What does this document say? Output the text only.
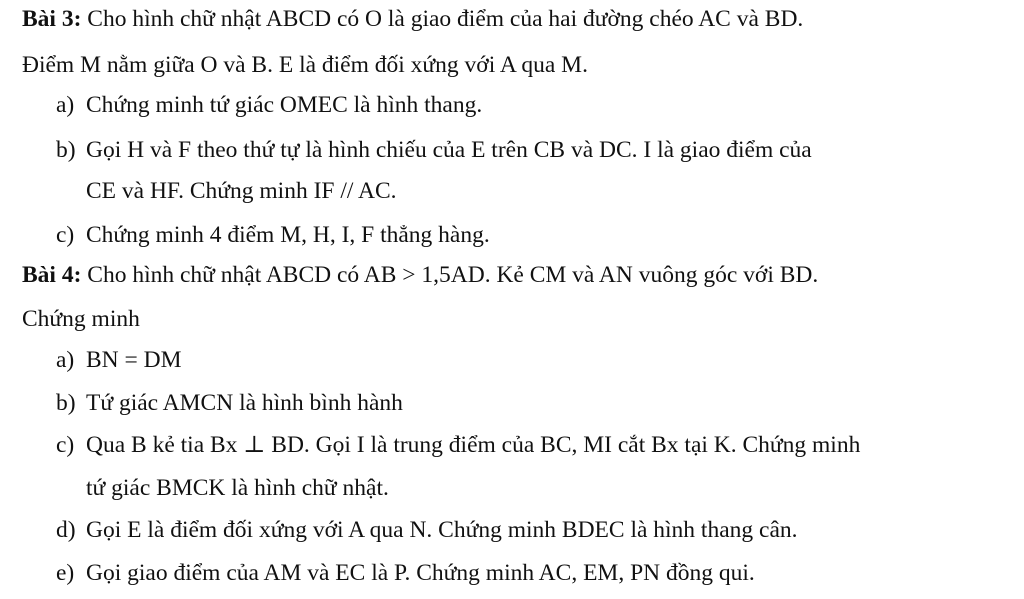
Bài 3: Cho hình chữ nhật ABCD có O là giao điểm của hai đường chéo AC và BD.
Điểm M nằm giữa O và B. E là điểm đối xứng với A qua M.
a) Chứng minh tứ giác OMEC là hình thang.
b) Gọi H và F theo thứ tự là hình chiếu của E trên CB và DC. I là giao điểm của
CE và HF. Chứng minh IF // AC.
c) Chứng minh 4 điểm M, H, I, F thẳng hàng.
Bài 4: Cho hình chữ nhật ABCD có AB > 1,5AD. Kẻ CM và AN vuông góc với BD.
Chứng minh
a) BN = DM
b) Tứ giác AMCN là hình bình hành
c) Qua B kẻ tia Bx ⊥ BD. Gọi I là trung điểm của BC, MI cắt Bx tại K. Chứng minh
tứ giác BMCK là hình chữ nhật.
d) Gọi E là điểm đối xứng với A qua N. Chứng minh BDEC là hình thang cân.
e) Gọi giao điểm của AM và EC là P. Chứng minh AC, EM, PN đồng qui.
